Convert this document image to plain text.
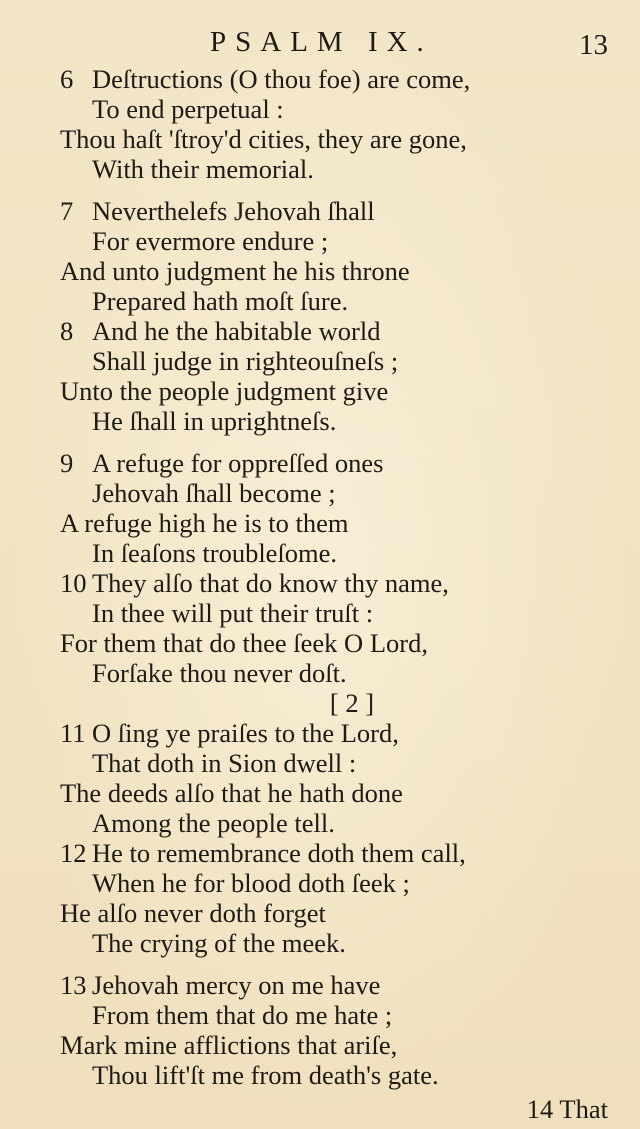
PSALM IX.	13
6 Deſtructions (O thou foe) are come,
To end perpetual :
Thou haſt 'ſtroy'd cities, they are gone,
With their memorial.
7 Neverthelefs Jehovah ſhall
For evermore endure ;
And unto judgment he his throne
Prepared hath moſt ſure.
8 And he the habitable world
Shall judge in righteouſneſs ;
Unto the people judgment give
He ſhall in uprightneſs.
9 A refuge for oppreſſed ones
Jehovah ſhall become ;
A refuge high he is to them
In ſeaſons troubleſome.
10 They alſo that do know thy name,
In thee will put their truſt :
For them that do thee ſeek O Lord,
Forſake thou never doſt.
[ 2 ]
11 O ſing ye praiſes to the Lord,
That doth in Sion dwell :
The deeds alſo that he hath done
Among the people tell.
12 He to remembrance doth them call,
When he for blood doth ſeek ;
He alſo never doth forget
The crying of the meek.
13 Jehovah mercy on me have
From them that do me hate ;
Mark mine afflictions that ariſe,
Thou lift'ſt me from death's gate.
14 That
